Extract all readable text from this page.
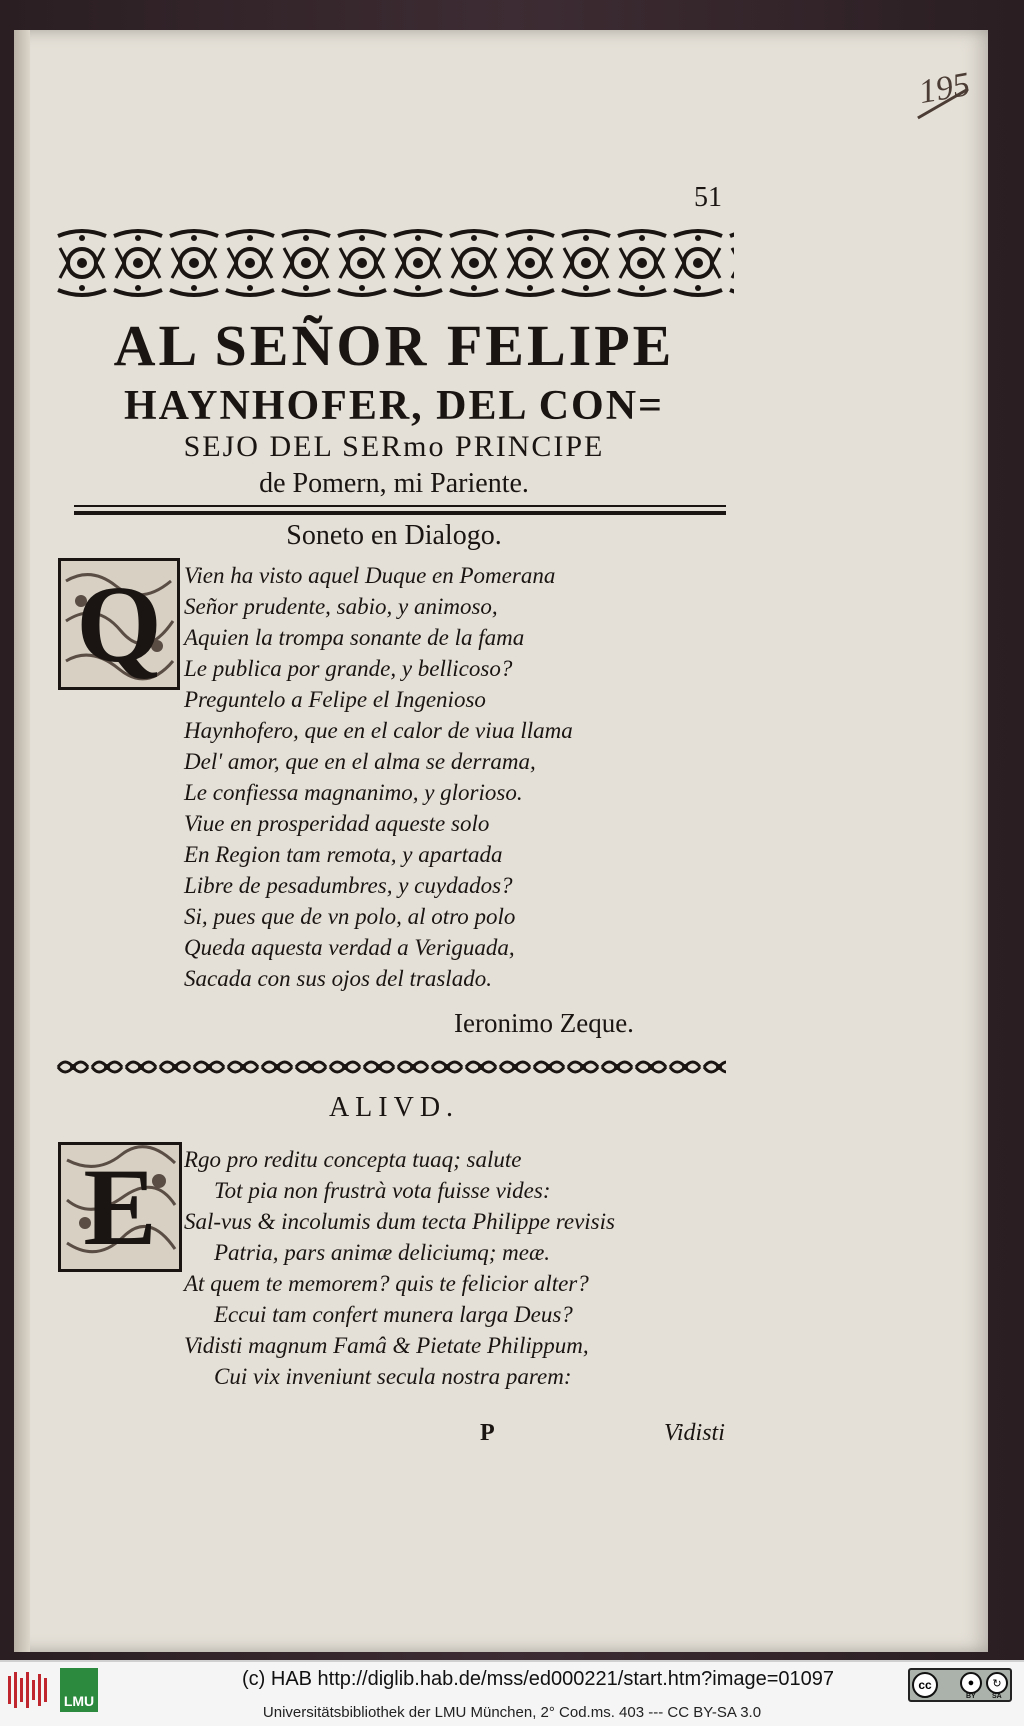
195
51
AL SEÑOR FELIPE
HAYNHOFER, DEL CON=
SEJO DEL SERmo PRINCIPE
de Pomern, mi Pariente.
Soneto en Dialogo.
Q Vien ha visto aquel Duque en Pomerana
Señor prudente, sabio, y animoso,
Aquien la trompa sonante de la fama
Le publica por grande, y bellicoso?
Preguntelo a Felipe el Ingenioso
Haynhofero, que en el calor de viua llama
Del' amor, que en el alma se derrama,
Le confiessa magnanimo, y glorioso.
Viue en prosperidad aqueste solo
En Region tam remota, y apartada
Libre de pesadumbres, y cuydados?
Si, pues que de vn polo, al otro polo
Queda aquesta verdad a Veriguada,
Sacada con sus ojos del traslado.
Ieronimo Zeque.
ALIVD.
E Rgo pro reditu concepta tuaq; salute
Tot pia non frustrà vota fuisse vides:
Sal-vus & incolumis dum tecta Philippe revisis
Patria, pars animæ deliciumq; meæ.
At quem te memorem? quis te felicior alter?
Eccui tam confert munera larga Deus?
Vidisti magnum Famâ & Pietate Philippum,
Cui vix inveniunt secula nostra parem:
P	Vidisti
LMU
(c) HAB http://diglib.hab.de/mss/ed000221/start.htm?image=01097	cc	●	↻
BY SA
Universitätsbibliothek der LMU München, 2° Cod.ms. 403 --- CC BY-SA 3.0
